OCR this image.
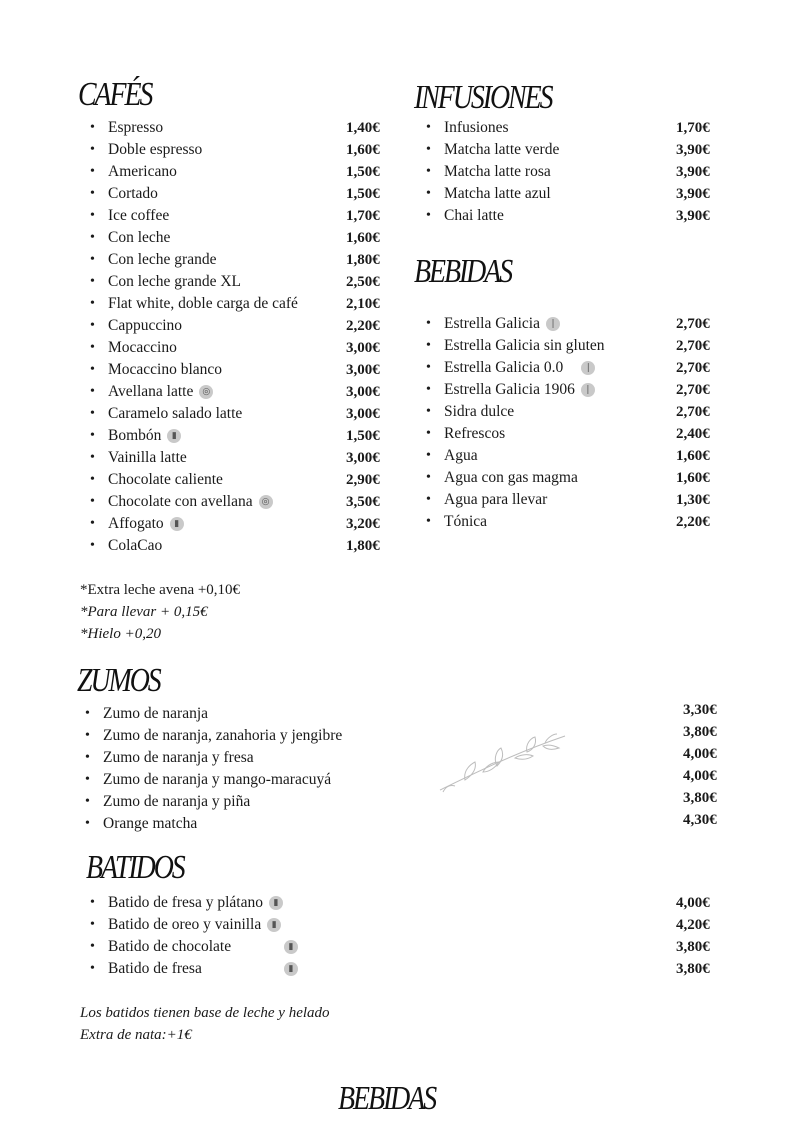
CAFÉS
• Espresso	1,40€
• Doble espresso	1,60€
• Americano	1,50€
• Cortado	1,50€
• Ice coffee	1,70€
• Con leche	1,60€
• Con leche grande	1,80€
• Con leche grande XL	2,50€
• Flat white, doble carga de café	2,10€
• Cappuccino	2,20€
• Mocaccino	3,00€
• Mocaccino blanco	3,00€
• Avellana latte ◎	3,00€
• Caramelo salado latte	3,00€
• Bombón ▮	1,50€
• Vainilla latte	3,00€
• Chocolate caliente	2,90€
• Chocolate con avellana ◎	3,50€
• Affogato ▮	3,20€
• ColaCao	1,80€
*Extra leche avena +0,10€
*Para llevar + 0,15€
*Hielo +0,20
INFUSIONES
• Infusiones	1,70€
• Matcha latte verde	3,90€
• Matcha latte rosa	3,90€
• Matcha latte azul	3,90€
• Chai latte	3,90€
BEBIDAS
• Estrella Galicia ❘	2,70€
• Estrella Galicia sin gluten	2,70€
• Estrella Galicia 0.0 ❘	2,70€
• Estrella Galicia 1906 ❘	2,70€
• Sidra dulce	2,70€
• Refrescos	2,40€
• Agua	1,60€
• Agua con gas magma	1,60€
• Agua para llevar	1,30€
• Tónica	2,20€
ZUMOS
• Zumo de naranja	3,30€
• Zumo de naranja, zanahoria y jengibre	3,80€
• Zumo de naranja y fresa	4,00€
• Zumo de naranja y mango-maracuyá	4,00€
• Zumo de naranja y piña	3,80€
• Orange matcha	4,30€
BATIDOS
• Batido de fresa y plátano ▮	4,00€
• Batido de oreo y vainilla ▮	4,20€
• Batido de chocolate	▮	3,80€
• Batido de fresa	▮	3,80€
Los batidos tienen base de leche y helado
Extra de nata:+1€
BEBIDAS
